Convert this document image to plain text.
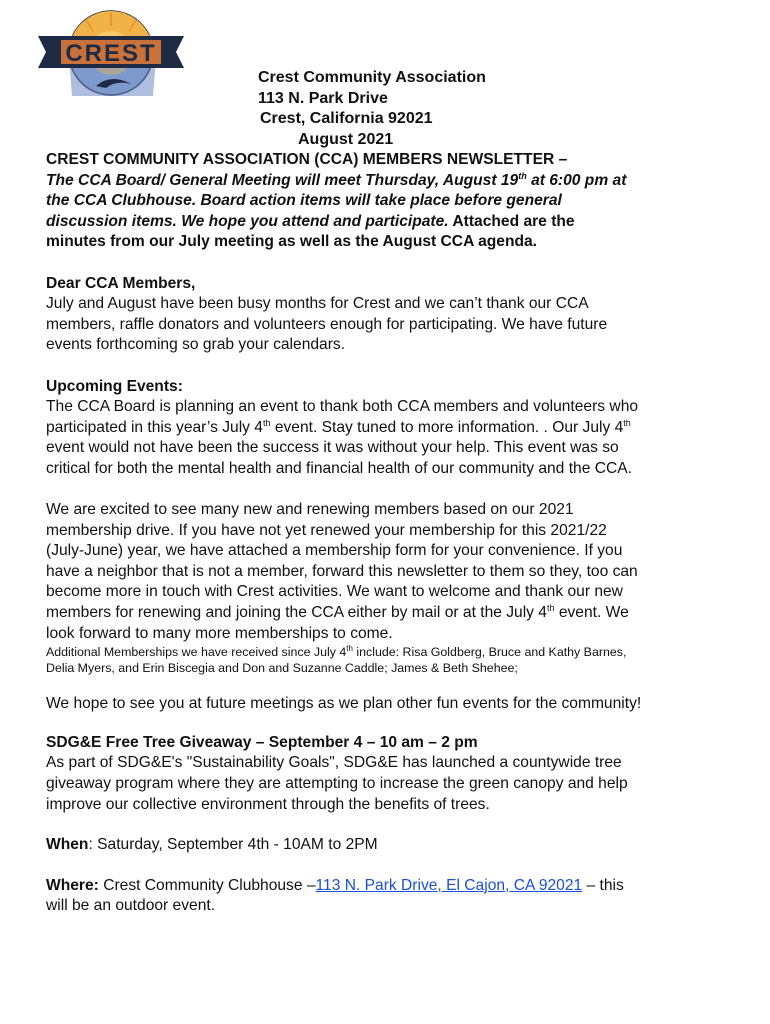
CREST
Crest Community Association
113 N. Park Drive
Crest, California 92021
August 2021
CREST COMMUNITY ASSOCIATION (CCA) MEMBERS NEWSLETTER –
The CCA Board/ General Meeting will meet Thursday, August 19th at 6:00 pm at
the CCA Clubhouse. Board action items will take place before general
discussion items. We hope you attend and participate. Attached are the
minutes from our July meeting as well as the August CCA agenda.
Dear CCA Members,
July and August have been busy months for Crest and we can’t thank our CCA
members, raffle donators and volunteers enough for participating. We have future
events forthcoming so grab your calendars.
Upcoming Events:
The CCA Board is planning an event to thank both CCA members and volunteers who
participated in this year’s July 4th event. Stay tuned to more information. . Our July 4th
event would not have been the success it was without your help. This event was so
critical for both the mental health and financial health of our community and the CCA.
We are excited to see many new and renewing members based on our 2021
membership drive. If you have not yet renewed your membership for this 2021/22
(July-June) year, we have attached a membership form for your convenience. If you
have a neighbor that is not a member, forward this newsletter to them so they, too can
become more in touch with Crest activities. We want to welcome and thank our new
members for renewing and joining the CCA either by mail or at the July 4th event. We
look forward to many more memberships to come.
Additional Memberships we have received since July 4th include: Risa Goldberg, Bruce and Kathy Barnes,
Delia Myers, and Erin Biscegia and Don and Suzanne Caddle; James & Beth Shehee;
We hope to see you at future meetings as we plan other fun events for the community!
SDG&E Free Tree Giveaway – September 4 – 10 am – 2 pm
As part of SDG&E's "Sustainability Goals", SDG&E has launched a countywide tree
giveaway program where they are attempting to increase the green canopy and help
improve our collective environment through the benefits of trees.
When: Saturday, September 4th - 10AM to 2PM
Where: Crest Community Clubhouse –113 N. Park Drive, El Cajon, CA 92021 – this
will be an outdoor event.
